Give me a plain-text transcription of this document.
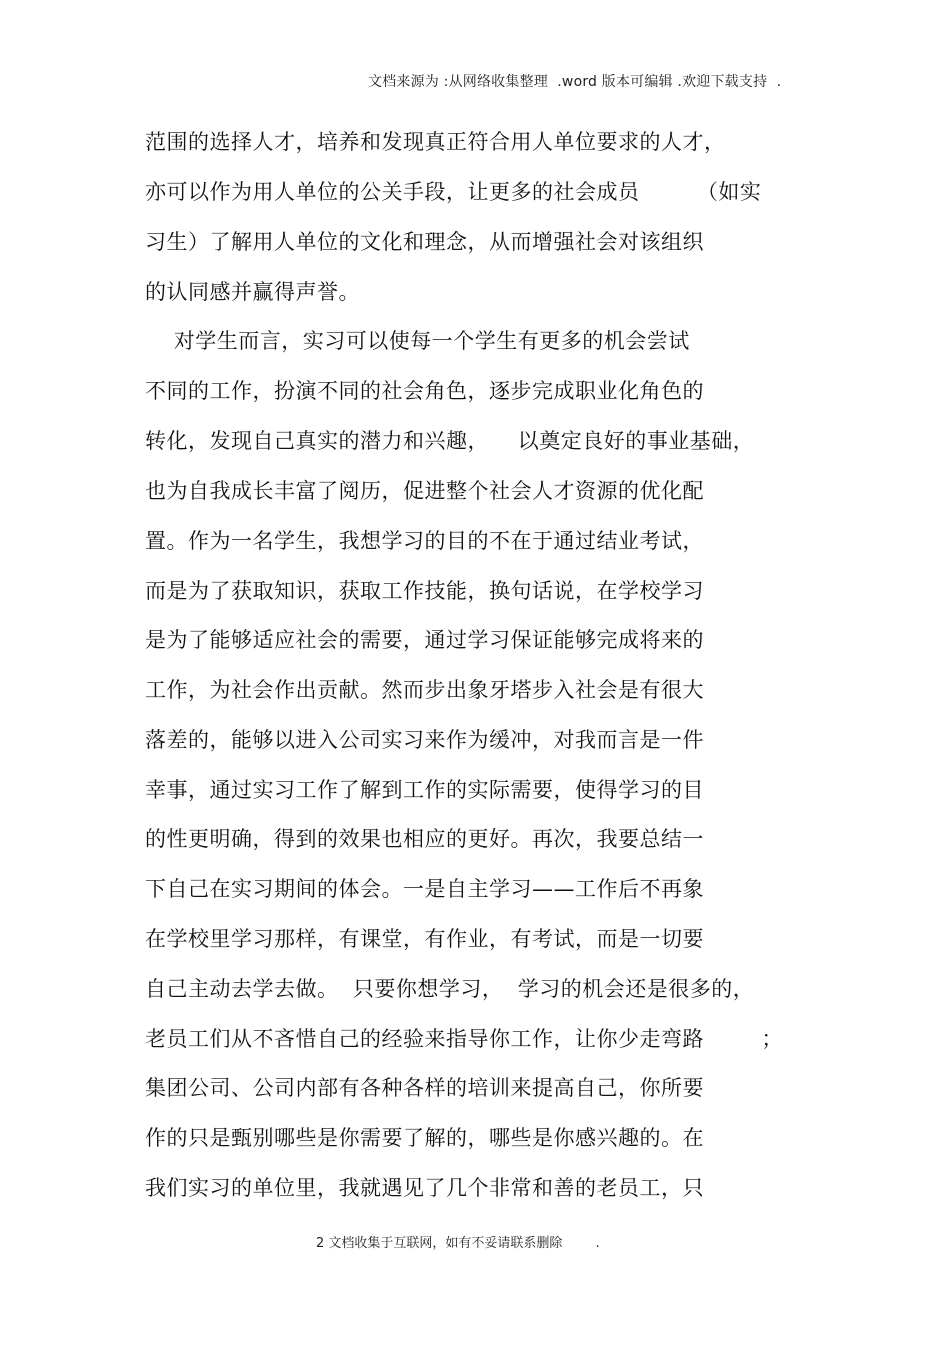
文档来源为 :从网络收集整理  .word 版本可编辑 .欢迎下载支持  .
范围的选择人才，培养和发现真正符合用人单位要求的人才，
亦可以作为用人单位的公关手段，让更多的社会成员        （如实
习生）了解用人单位的文化和理念，从而增强社会对该组织
的认同感并赢得声誉。
对学生而言，实习可以使每一个学生有更多的机会尝试
不同的工作，扮演不同的社会角色，逐步完成职业化角色的
转化，发现自己真实的潜力和兴趣，    以奠定良好的事业基础，
也为自我成长丰富了阅历，促进整个社会人才资源的优化配
置。作为一名学生，我想学习的目的不在于通过结业考试，
而是为了获取知识，获取工作技能，换句话说，在学校学习
是为了能够适应社会的需要，通过学习保证能够完成将来的
工作，为社会作出贡献。然而步出象牙塔步入社会是有很大
落差的，能够以进入公司实习来作为缓冲，对我而言是一件
幸事，通过实习工作了解到工作的实际需要，使得学习的目
的性更明确，得到的效果也相应的更好。再次，我要总结一
下自己在实习期间的体会。一是自主学习——工作后不再象
在学校里学习那样，有课堂，有作业，有考试，而是一切要
自己主动去学去做。  只要你想学习，  学习的机会还是很多的，
老员工们从不吝惜自己的经验来指导你工作，让你少走弯路        ；
集团公司、公司内部有各种各样的培训来提高自己，你所要
作的只是甄别哪些是你需要了解的，哪些是你感兴趣的。在
我们实习的单位里，我就遇见了几个非常和善的老员工，只
2 文档收集于互联网，如有不妥请联系删除        .
